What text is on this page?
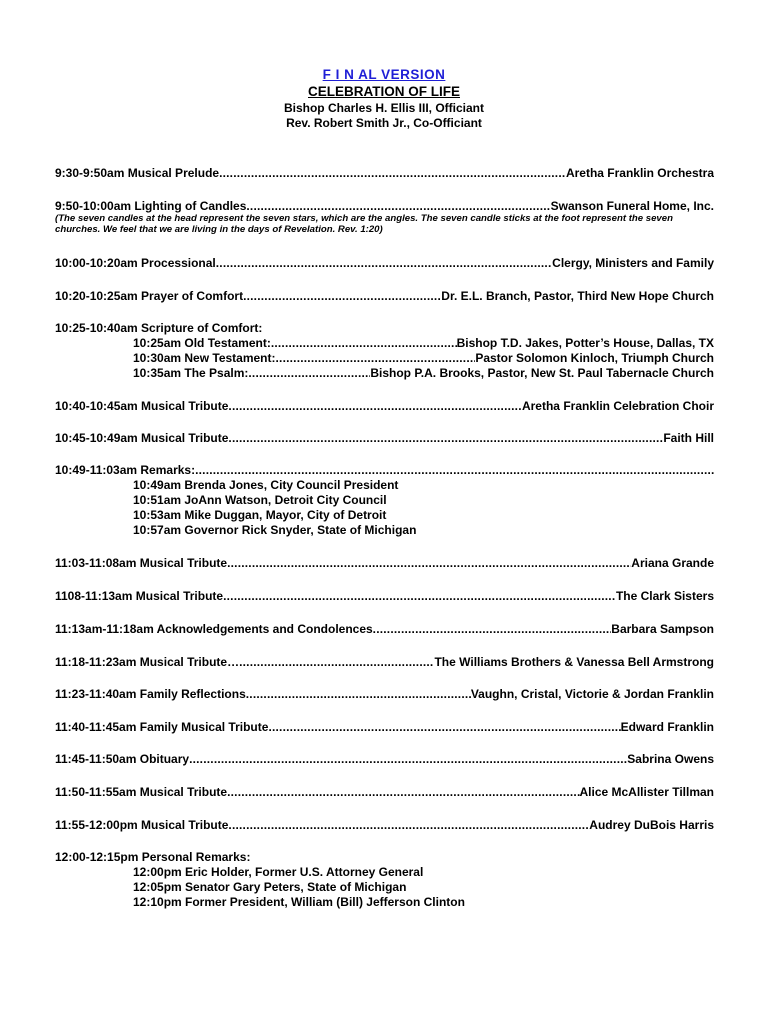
F I N AL VERSION
CELEBRATION OF LIFE
Bishop Charles H. Ellis III, Officiant
Rev. Robert Smith Jr., Co-Officiant
9:30-9:50am Musical Prelude .....	Aretha Franklin Orchestra
9:50-10:00am Lighting of Candles .....	Swanson Funeral Home, Inc.
(The seven candles at the head represent the seven stars, which are the angles. The seven candle sticks at the foot represent the seven churches. We feel that we are living in the days of Revelation. Rev. 1:20)
10:00-10:20am Processional .....	Clergy, Ministers and Family
10:20-10:25am Prayer of Comfort .....	Dr. E.L. Branch, Pastor, Third New Hope Church
10:25-10:40am Scripture of Comfort:
10:25am Old Testament: .....	Bishop T.D. Jakes, Potter’s House, Dallas, TX
10:30am New Testament: .....	Pastor Solomon Kinloch, Triumph Church
10:35am The Psalm: .....	Bishop P.A. Brooks, Pastor, New St. Paul Tabernacle Church
10:40-10:45am Musical Tribute .....	Aretha Franklin Celebration Choir
10:45-10:49am Musical Tribute .....	Faith Hill
10:49-11:03am Remarks:
.....
10:49am Brenda Jones, City Council President
10:51am JoAnn Watson, Detroit City Council
10:53am Mike Duggan, Mayor, City of Detroit
10:57am Governor Rick Snyder, State of Michigan
11:03-11:08am Musical Tribute .....	Ariana Grande
1108-11:13am Musical Tribute .....	The Clark Sisters
11:13am-11:18am Acknowledgements and Condolences .....	Barbara Sampson
11:18-11:23am Musical Tribute… .....	The Williams Brothers & Vanessa Bell Armstrong
11:23-11:40am Family Reflections .....	Vaughn, Cristal, Victorie & Jordan Franklin
11:40-11:45am Family Musical Tribute .....	Edward Franklin
11:45-11:50am Obituary .....	Sabrina Owens
11:50-11:55am Musical Tribute .....	Alice McAllister Tillman
11:55-12:00pm Musical Tribute .....	Audrey DuBois Harris
12:00-12:15pm Personal Remarks:
12:00pm Eric Holder, Former U.S. Attorney General
12:05pm Senator Gary Peters, State of Michigan
12:10pm Former President, William (Bill) Jefferson Clinton
